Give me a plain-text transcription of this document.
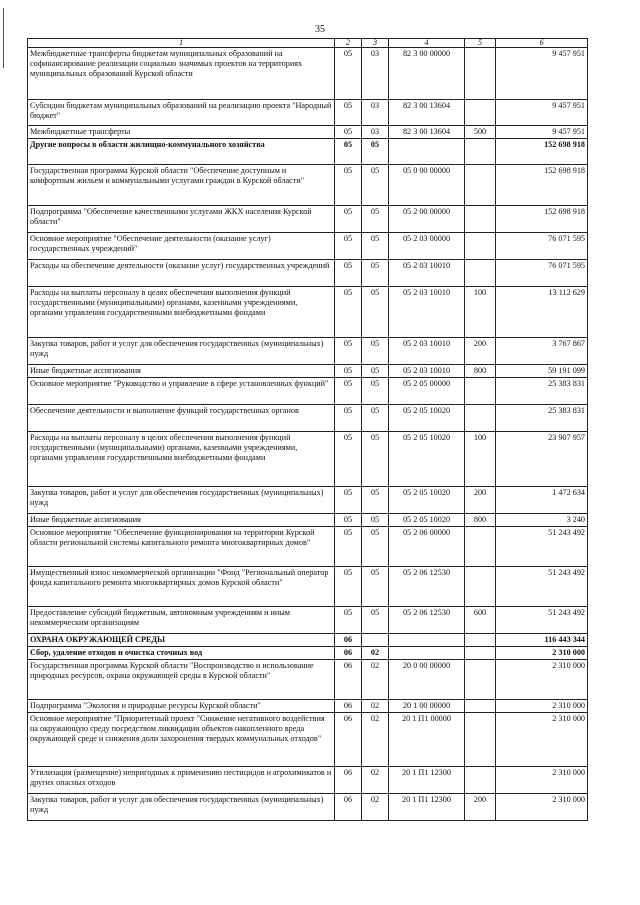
35
1	2	3	4	5	6
Межбюджетные трансферты бюджетам муниципальных образований на софинансирование реализации социально значимых проектов на территориях муниципальных образований Курской области	05	03	82 3 00 00000		9 457 951
Субсидии бюджетам муниципальных образований на реализацию проекта "Народный бюджет"	05	03	82 3 00 13604		9 457 951
Межбюджетные трансферты	05	03	82 3 00 13604	500	9 457 951
Другие вопросы в области жилищно-коммунального хозяйства	05	05			152 698 918
Государственная программа Курской области "Обеспечение доступным и комфортным жильем и коммунальными услугами граждан в Курской области"	05	05	05 0 00 00000		152 698 918
Подпрограмма "Обеспечение качественными услугами ЖКХ населения Курской области"	05	05	05 2 00 00000		152 698 918
Основное мероприятие "Обеспечение деятельности (оказание услуг) государственных учреждений"	05	05	05 2 03 00000		76 071 595
Расходы на обеспечение деятельности (оказание услуг) государственных учреждений	05	05	05 2 03 10010		76 071 595
Расходы на выплаты персоналу в целях обеспечения выполнения функций государственными (муниципальными) органами, казенными учреждениями, органами управления государственными внебюджетными фондами	05	05	05 2 03 10010	100	13 112 629
Закупка товаров, работ и услуг для обеспечения государственных (муниципальных) нужд	05	05	05 2 03 10010	200	3 767 867
Иные бюджетные ассигнования	05	05	05 2 03 10010	800	59 191 099
Основное мероприятие "Руководство и управление в сфере установленных функций"	05	05	05 2 05 00000		25 383 831
Обеспечение деятельности и выполнение функций государственных органов	05	05	05 2 05 10020		25 383 831
Расходы на выплаты персоналу в целях обеспечения выполнения функций государственными (муниципальными) органами, казенными учреждениями, органами управления государственными внебюджетными фондами	05	05	05 2 05 10020	100	23 907 957
Закупка товаров, работ и услуг для обеспечения государственных (муниципальных) нужд	05	05	05 2 05 10020	200	1 472 634
Иные бюджетные ассигнования	05	05	05 2 05 10020	800	3 240
Основное мероприятие "Обеспечение функционирования на территории Курской области региональной системы капитального ремонта многоквартирных домов"	05	05	05 2 06 00000		51 243 492
Имущественный взнос некоммерческой организации "Фонд "Региональный оператор фонда капитального ремонта многоквартирных домов Курской области"	05	05	05 2 06 12530		51 243 492
Предоставление субсидий бюджетным, автономным учреждениям и иным некоммерческим организациям	05	05	05 2 06 12530	600	51 243 492
ОХРАНА ОКРУЖАЮЩЕЙ СРЕДЫ	06				116 443 344
Сбор, удаление отходов и очистка сточных вод	06	02			2 310 000
Государственная программа Курской области "Воспроизводство и использование природных ресурсов, охрана окружающей среды в Курской области"	06	02	20 0 00 00000		2 310 000
Подпрограмма "Экология и природные ресурсы Курской области"	06	02	20 1 00 00000		2 310 000
Основное мероприятие "Приоритетный проект "Снижение негативного воздействия на окружающую среду посредством ликвидации объектов накопленного вреда окружающей среде и снижения доли захоронения твердых коммунальных отходов"	06	02	20 1 П1 00000		2 310 000
Утилизация (размещение) непригодных к применению пестицидов и агрохимикатов и других опасных отходов	06	02	20 1 П1 12300		2 310 000
Закупка товаров, работ и услуг для обеспечения государственных (муниципальных) нужд	06	02	20 1 П1 12300	200	2 310 000
